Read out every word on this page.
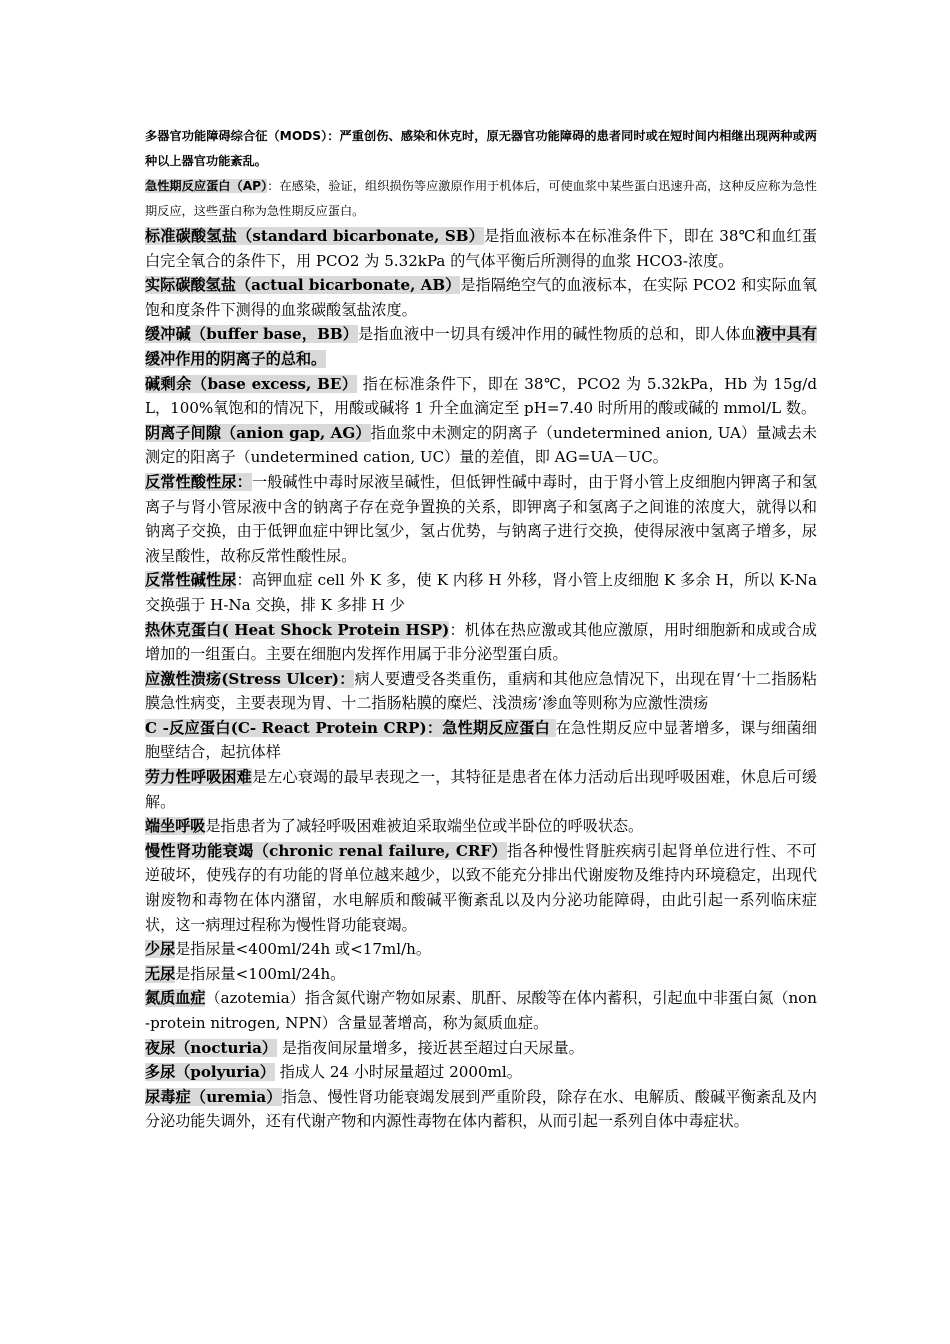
多器官功能障碍综合征（MODS）：严重创伤、感染和休克时，原无器官功能障碍的患者同时或在短时间内相继出现两种或两种以上器官功能紊乱。
急性期反应蛋白（AP）：在感染，验证，组织损伤等应激原作用于机体后，可使血浆中某些蛋白迅速升高，这种反应称为急性期反应，这些蛋白称为急性期反应蛋白。
标准碳酸氢盐（standard bicarbonate, SB）是指血液标本在标准条件下，即在 38℃和血红蛋白完全氧合的条件下，用 PCO2 为 5.32kPa 的气体平衡后所测得的血浆 HCO3-浓度。
实际碳酸氢盐（actual bicarbonate, AB）是指隔绝空气的血液标本，在实际 PCO2 和实际血氧饱和度条件下测得的血浆碳酸氢盐浓度。
缓冲碱（buffer base，BB）是指血液中一切具有缓冲作用的碱性物质的总和，即人体血液中具有缓冲作用的阴离子的总和。
碱剩余（base excess, BE） 指在标准条件下，即在 38℃，PCO2 为 5.32kPa，Hb 为 15g/dL，100%氧饱和的情况下，用酸或碱将 1 升全血滴定至 pH=7.40 时所用的酸或碱的 mmol/L 数。
阴离子间隙（anion gap, AG）指血浆中未测定的阴离子（undetermined anion, UA）量减去未测定的阳离子（undetermined cation, UC）量的差值，即 AG=UA－UC。
反常性酸性尿：一般碱性中毒时尿液呈碱性，但低钾性碱中毒时，由于肾小管上皮细胞内钾离子和氢离子与肾小管尿液中含的钠离子存在竞争置换的关系，即钾离子和氢离子之间谁的浓度大，就得以和钠离子交换，由于低钾血症中钾比氢少，氢占优势，与钠离子进行交换，使得尿液中氢离子增多，尿液呈酸性，故称反常性酸性尿。
反常性碱性尿：高钾血症 cell 外 K 多，使 K 内移 H 外移，肾小管上皮细胞 K 多余 H，所以 K-Na 交换强于 H-Na 交换，排 K 多排 H 少
热休克蛋白( Heat Shock Protein HSP)：机体在热应激或其他应激原，用时细胞新和成或合成增加的一组蛋白。主要在细胞内发挥作用属于非分泌型蛋白质。
应激性溃疡(Stress Ulcer)：病人要遭受各类重伤，重病和其他应急情况下，出现在胃‘十二指肠粘膜急性病变，主要表现为胃、十二指肠粘膜的糜烂、浅溃疡’渗血等则称为应激性溃疡
C -反应蛋白(C- React Protein CRP)：急性期反应蛋白 在急性期反应中显著增多，课与细菌细胞壁结合，起抗体样
劳力性呼吸困难是左心衰竭的最早表现之一，其特征是患者在体力活动后出现呼吸困难，休息后可缓解。
端坐呼吸是指患者为了减轻呼吸困难被迫采取端坐位或半卧位的呼吸状态。
慢性肾功能衰竭（chronic renal failure, CRF）指各种慢性肾脏疾病引起肾单位进行性、不可逆破坏，使残存的有功能的肾单位越来越少，以致不能充分排出代谢废物及维持内环境稳定，出现代谢废物和毒物在体内潴留，水电解质和酸碱平衡紊乱以及内分泌功能障碍，由此引起一系列临床症状，这一病理过程称为慢性肾功能衰竭。
少尿是指尿量<400ml/24h 或<17ml/h。
无尿是指尿量<100ml/24h。
氮质血症（azotemia）指含氮代谢产物如尿素、肌酐、尿酸等在体内蓄积，引起血中非蛋白氮（non-protein nitrogen, NPN）含量显著增高，称为氮质血症。
夜尿（nocturia） 是指夜间尿量增多，接近甚至超过白天尿量。
多尿（polyuria） 指成人 24 小时尿量超过 2000ml。
尿毒症（uremia）指急、慢性肾功能衰竭发展到严重阶段，除存在水、电解质、酸碱平衡紊乱及内分泌功能失调外，还有代谢产物和内源性毒物在体内蓄积，从而引起一系列自体中毒症状。
